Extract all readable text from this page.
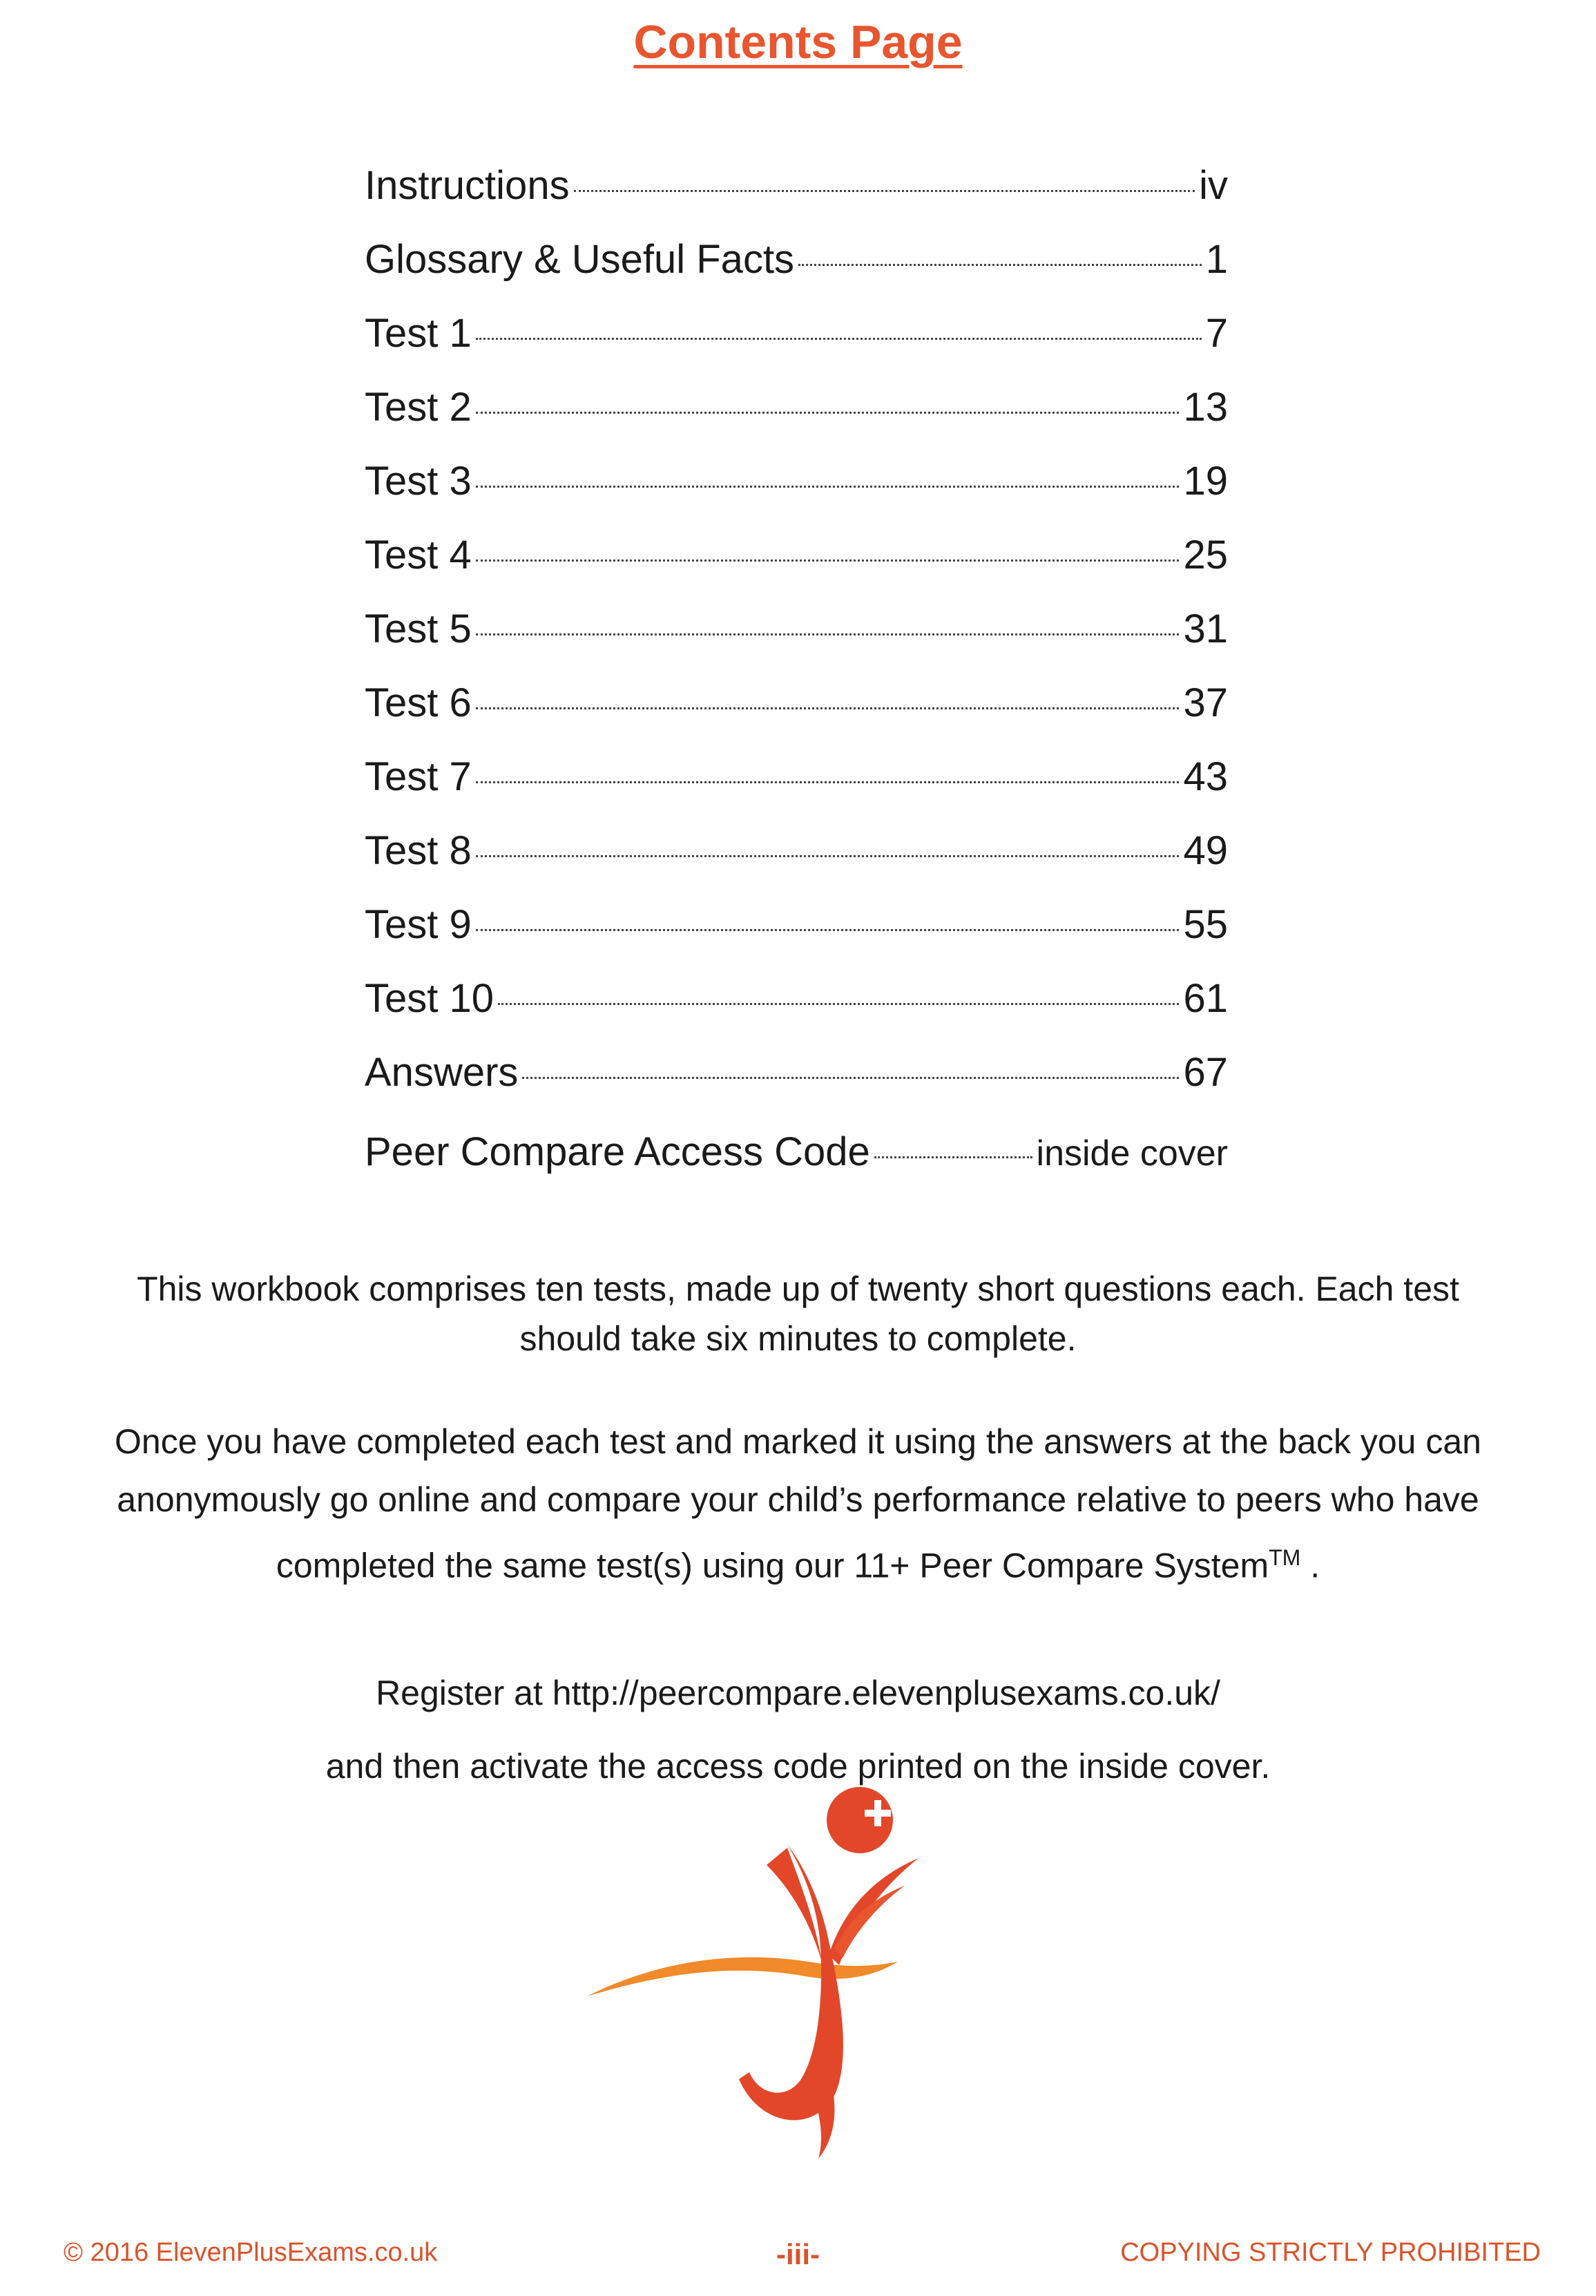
Contents Page
Instructions	iv
Glossary & Useful Facts	1
Test 1	7
Test 2	13
Test 3	19
Test 4	25
Test 5	31
Test 6	37
Test 7	43
Test 8	49
Test 9	55
Test 10	61
Answers	67
Peer Compare Access Code	inside cover
This workbook comprises ten tests, made up of twenty short questions each. Each test
should take six minutes to complete.
Once you have completed each test and marked it using the answers at the back you can
anonymously go online and compare your child’s performance relative to peers who have
completed the same test(s) using our 11+ Peer Compare System™ .
Register at http://peercompare.elevenplusexams.co.uk/
and then activate the access code printed on the inside cover.
© 2016 ElevenPlusExams.co.uk	-iii-	COPYING STRICTLY PROHIBITED
